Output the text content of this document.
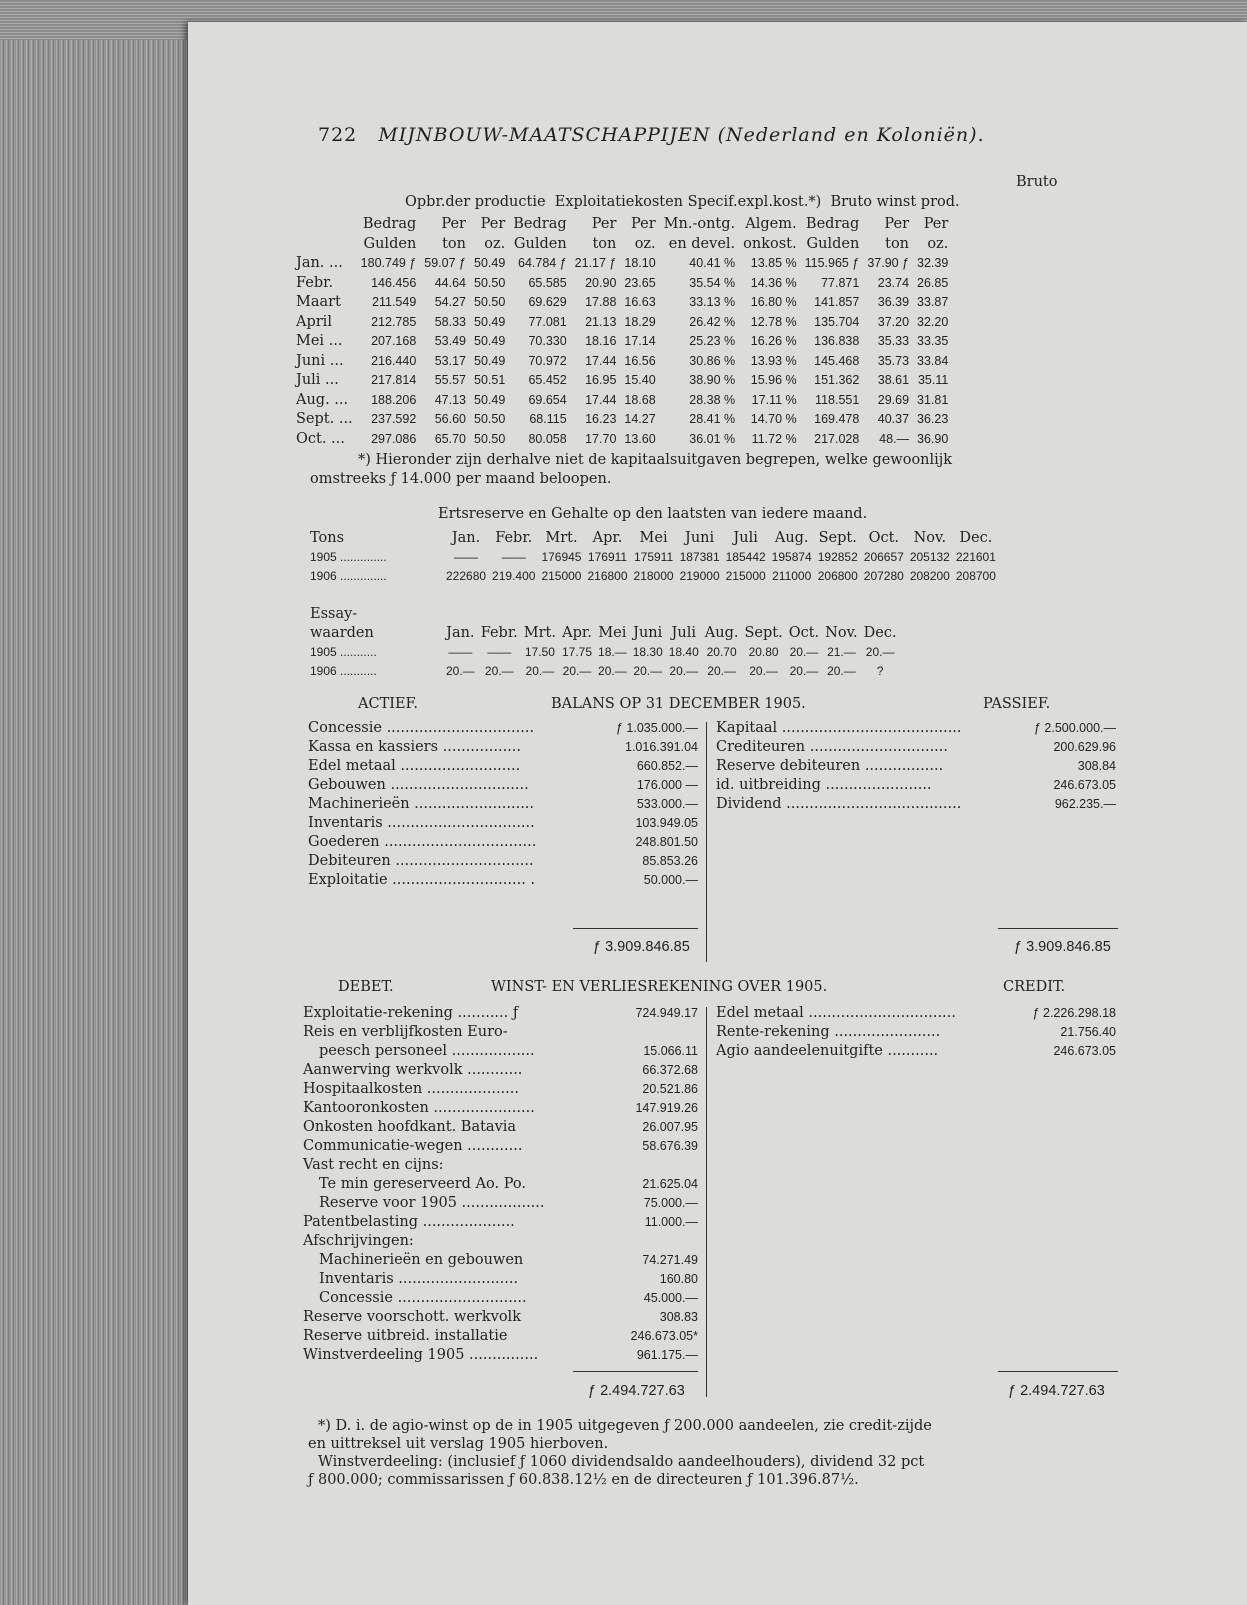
722 MIJNBOUW-MAATSCHAPPIJEN (Nederland en Koloniën).
Bruto
Opbr.der productie  Exploitatiekosten Specif.expl.kost.*)  Bruto winst prod.
	Bedrag	Per	Per	Bedrag	Per	Per	Mn.-ontg.	Algem.	Bedrag	Per	Per
	Gulden	ton	oz.	Gulden	ton	oz.	en devel.	onkost.	Gulden	ton	oz.
Jan. ...	180.749 ƒ	59.07 ƒ	50.49	64.784 ƒ	21.17 ƒ	18.10	40.41 %	13.85 %	115.965 ƒ	37.90 ƒ	32.39
Febr.	146.456	44.64	50.50	65.585	20.90	23.65	35.54 %	14.36 %	77.871	23.74	26.85
Maart	211.549	54.27	50.50	69.629	17.88	16.63	33.13 %	16.80 %	141.857	36.39	33.87
April	212.785	58.33	50.49	77.081	21.13	18.29	26.42 %	12.78 %	135.704	37.20	32.20
Mei ...	207.168	53.49	50.49	70.330	18.16	17.14	25.23 %	16.26 %	136.838	35.33	33.35
Juni ...	216.440	53.17	50.49	70.972	17.44	16.56	30.86 %	13.93 %	145.468	35.73	33.84
Juli ...	217.814	55.57	50.51	65.452	16.95	15.40	38.90 %	15.96 %	151.362	38.61	35.11
Aug. ...	188.206	47.13	50.49	69.654	17.44	18.68	28.38 %	17.11 %	118.551	29.69	31.81
Sept. ...	237.592	56.60	50.50	68.115	16.23	14.27	28.41 %	14.70 %	169.478	40.37	36.23
Oct. ...	297.086	65.70	50.50	80.058	17.70	13.60	36.01 %	11.72 %	217.028	48.—	36.90
*) Hieronder zijn derhalve niet de kapitaalsuitgaven begrepen, welke gewoonlijk
omstreeks ƒ 14.000 per maand beloopen.
Ertsreserve en Gehalte op den laatsten van iedere maand.
Tons	Jan.	Febr.	Mrt.	Apr.	Mei	Juni	Juli	Aug.	Sept.	Oct.	Nov.	Dec.
1905 ..............	——	——	176945	176911	175911	187381	185442	195874	192852	206657	205132	221601
1906 ..............	222680	219.400	215000	216800	218000	219000	215000	211000	206800	207280	208200	208700
Essay-												
waarden	Jan.	Febr.	Mrt.	Apr.	Mei	Juni	Juli	Aug.	Sept.	Oct.	Nov.	Dec.
1905 ...........	——	——	17.50	17.75	18.—	18.30	18.40	20.70	20.80	20.—	21.—	20.—
1906 ...........	20.—	20.—	20.—	20.—	20.—	20.—	20.—	20.—	20.—	20.—	20.—	?
ACTIEF.	BALANS OP 31 DECEMBER 1905.	PASSIEF.
Concessie ................................	ƒ 1.035.000.—
Kassa en kassiers .................	1.016.391.04
Edel metaal ..........................	660.852.—
Gebouwen ..............................	176.000 —
Machinerieën ..........................	533.000.—
Inventaris ................................	103.949.05
Goederen .................................	248.801.50
Debiteuren ..............................	85.853.26
Exploitatie ............................. .	50.000.—
Kapitaal .......................................	ƒ 2.500.000.—
Crediteuren ..............................	200.629.96
Reserve debiteuren .................	308.84
id. uitbreiding .......................	246.673.05
Dividend ......................................	962.235.—
ƒ 3.909.846.85	ƒ 3.909.846.85
DEBET.	WINST- EN VERLIESREKENING OVER 1905.	CREDIT.
Exploitatie-rekening ........... ƒ	724.949.17
Reis en verblijfkosten Euro-
peesch personeel ..................	15.066.11
Aanwerving werkvolk ............	66.372.68
Hospitaalkosten ....................	20.521.86
Kantooronkosten ......................	147.919.26
Onkosten hoofdkant. Batavia	26.007.95
Communicatie-wegen ............	58.676.39
Vast recht en cijns:
Te min gereserveerd Ao. Po.	21.625.04
Reserve voor 1905 ..................	75.000.—
Patentbelasting ....................	11.000.—
Afschrijvingen:
Machinerieën en gebouwen	74.271.49
Inventaris ..........................	160.80
Concessie ............................	45.000.—
Reserve voorschott. werkvolk	308.83
Reserve uitbreid. installatie	246.673.05*
Winstverdeeling 1905 ...............	961.175.—
Edel metaal ................................	ƒ 2.226.298.18
Rente-rekening .......................	21.756.40
Agio aandeelenuitgifte ...........	246.673.05
ƒ 2.494.727.63	ƒ 2.494.727.63
*) D. i. de agio-winst op de in 1905 uitgegeven ƒ 200.000 aandeelen, zie credit-zijde
en uittreksel uit verslag 1905 hierboven.
Winstverdeeling: (inclusief ƒ 1060 dividendsaldo aandeelhouders), dividend 32 pct
ƒ 800.000; commissarissen ƒ 60.838.12½ en de directeuren ƒ 101.396.87½.
